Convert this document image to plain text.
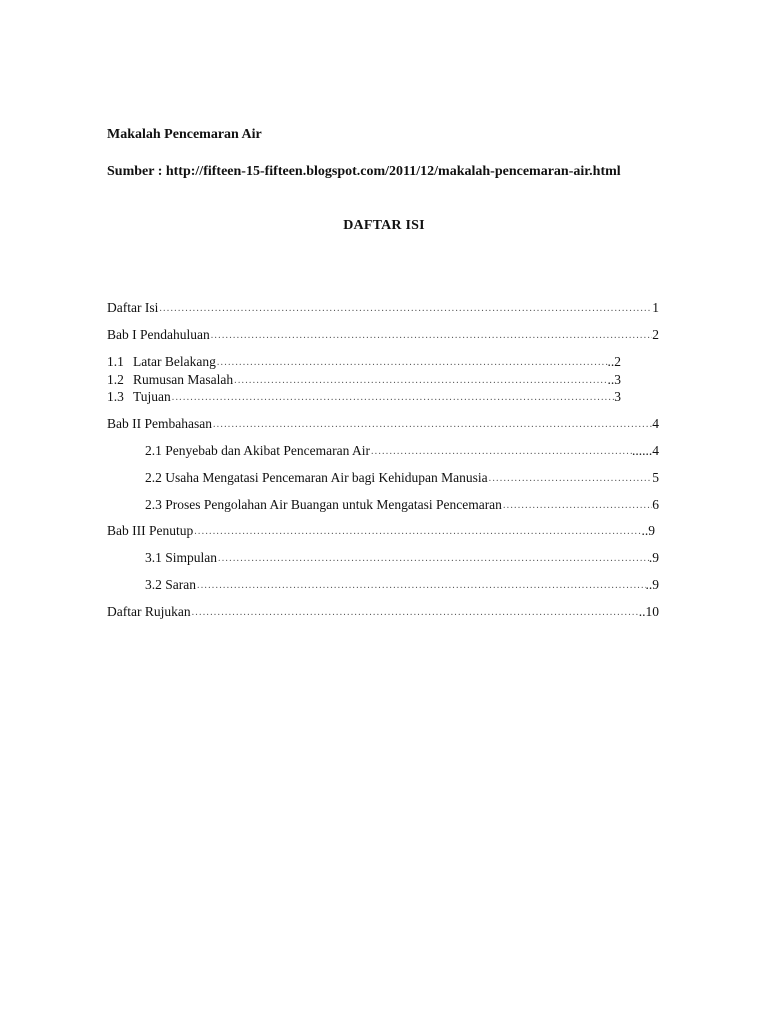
Makalah Pencemaran Air
Sumber : http://fifteen-15-fifteen.blogspot.com/2011/12/makalah-pencemaran-air.html
DAFTAR ISI
Daftar Isi .....	1
Bab I Pendahuluan .....	2
1.1 Latar Belakang .....	..2
1.2 Rumusan Masalah .....	..3
1.3 Tujuan .....	3
Bab II Pembahasan .....	4
2.1 Penyebab dan Akibat Pencemaran Air .....	......4
2.2 Usaha Mengatasi Pencemaran Air bagi Kehidupan Manusia .....	5
2.3 Proses Pengolahan Air Buangan untuk Mengatasi Pencemaran .....	6
Bab III Penutup .....	..9
3.1 Simpulan .....	.9
3.2 Saran .....	..9
Daftar Rujukan .....	..10
